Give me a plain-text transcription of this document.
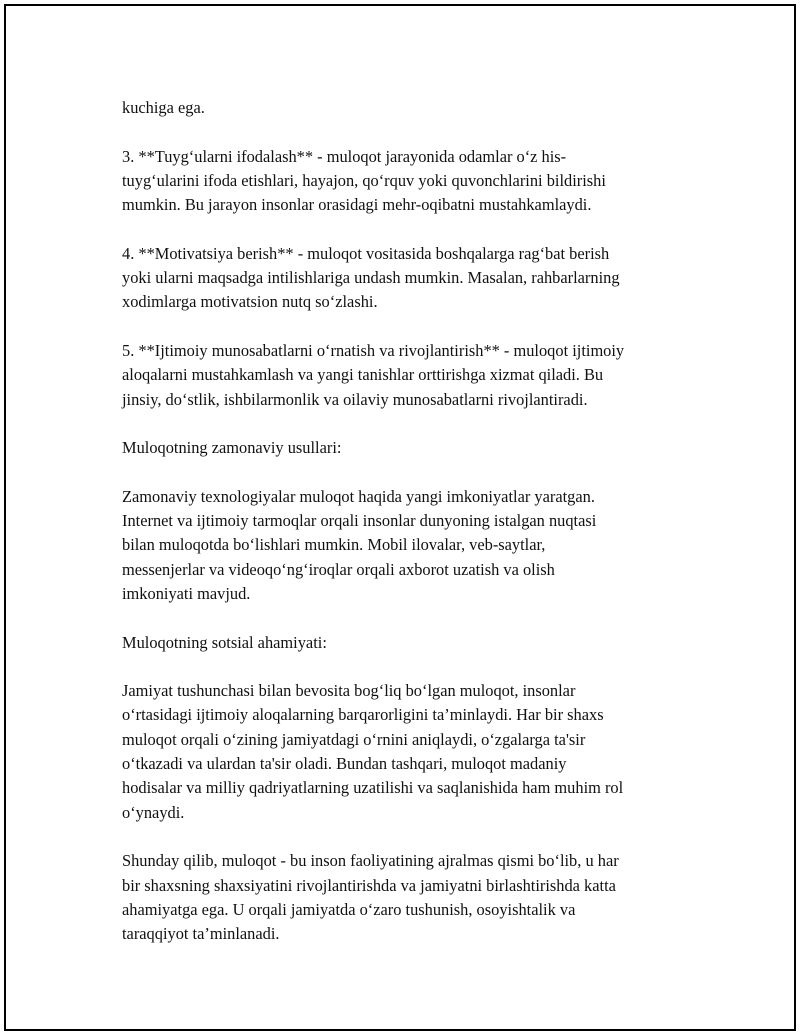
kuchiga ega.

3. **Tuyg‘ularni ifodalash** - muloqot jarayonida odamlar o‘z his-
tuyg‘ularini ifoda etishlari, hayajon, qo‘rquv yoki quvonchlarini bildirishi
mumkin. Bu jarayon insonlar orasidagi mehr-oqibatni mustahkamlaydi.

4. **Motivatsiya berish** - muloqot vositasida boshqalarga rag‘bat berish
yoki ularni maqsadga intilishlariga undash mumkin. Masalan, rahbarlarning
xodimlarga motivatsion nutq so‘zlashi.

5. **Ijtimoiy munosabatlarni o‘rnatish va rivojlantirish** - muloqot ijtimoiy
aloqalarni mustahkamlash va yangi tanishlar orttirishga xizmat qiladi. Bu
jinsiy, do‘stlik, ishbilarmonlik va oilaviy munosabatlarni rivojlantiradi.

Muloqotning zamonaviy usullari:

Zamonaviy texnologiyalar muloqot haqida yangi imkoniyatlar yaratgan.
Internet va ijtimoiy tarmoqlar orqali insonlar dunyoning istalgan nuqtasi
bilan muloqotda bo‘lishlari mumkin. Mobil ilovalar, veb-saytlar,
messenjerlar va videoqo‘ng‘iroqlar orqali axborot uzatish va olish
imkoniyati mavjud.

Muloqotning sotsial ahamiyati:

Jamiyat tushunchasi bilan bevosita bog‘liq bo‘lgan muloqot, insonlar
o‘rtasidagi ijtimoiy aloqalarning barqarorligini ta’minlaydi. Har bir shaxs
muloqot orqali o‘zining jamiyatdagi o‘rnini aniqlaydi, o‘zgalarga ta'sir
o‘tkazadi va ulardan ta'sir oladi. Bundan tashqari, muloqot madaniy
hodisalar va milliy qadriyatlarning uzatilishi va saqlanishida ham muhim rol
o‘ynaydi.

Shunday qilib, muloqot - bu inson faoliyatining ajralmas qismi bo‘lib, u har
bir shaxsning shaxsiyatini rivojlantirishda va jamiyatni birlashtirishda katta
ahamiyatga ega. U orqali jamiyatda o‘zaro tushunish, osoyishtalik va
taraqqiyot ta’minlanadi.
